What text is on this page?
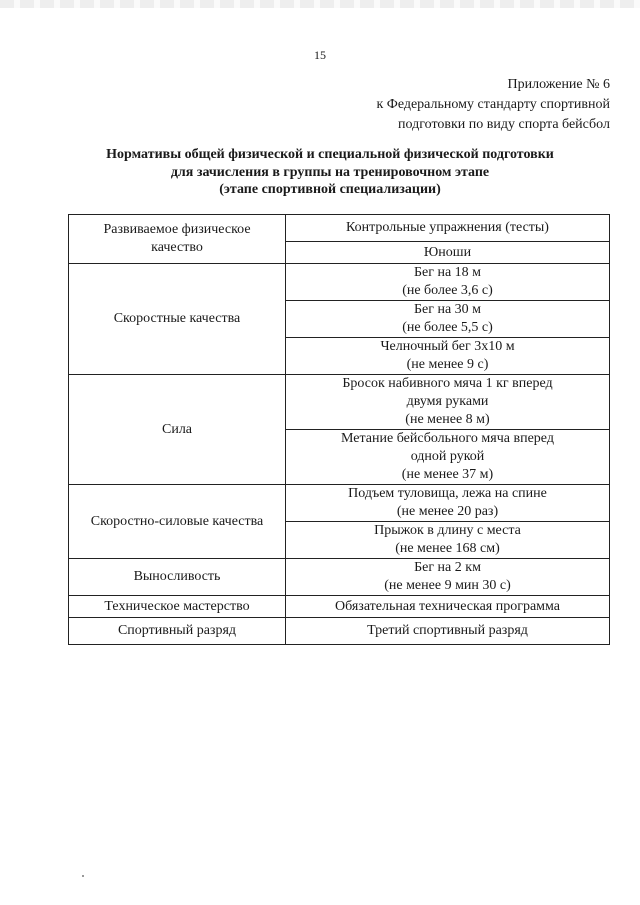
15
Приложение № 6
к Федеральному стандарту спортивной
подготовки по виду спорта бейсбол
Нормативы общей физической и специальной физической подготовки
для зачисления в группы на тренировочном этапе
(этапе спортивной специализации)
Развиваемое физическое
качество	Контрольные упражнения (тесты)
	Юноши
Скоростные качества	Бег на 18 м
(не более 3,6 с)

	Бег на 30 м
(не более 5,5 с)

	Челночный бег 3х10 м
(не менее 9 с)

Сила	Бросок набивного мяча 1 кг вперед
двумя руками
(не менее 8 м)

	Метание бейсбольного мяча вперед
одной рукой
(не менее 37 м)

Скоростно-силовые качества	Подъем туловища, лежа на спине
(не менее 20 раз)

	Прыжок в длину с места
(не менее 168 см)

Выносливость	Бег на 2 км
(не менее 9 мин 30 с)

Техническое мастерство	Обязательная техническая программа
Спортивный разряд	Третий спортивный разряд
